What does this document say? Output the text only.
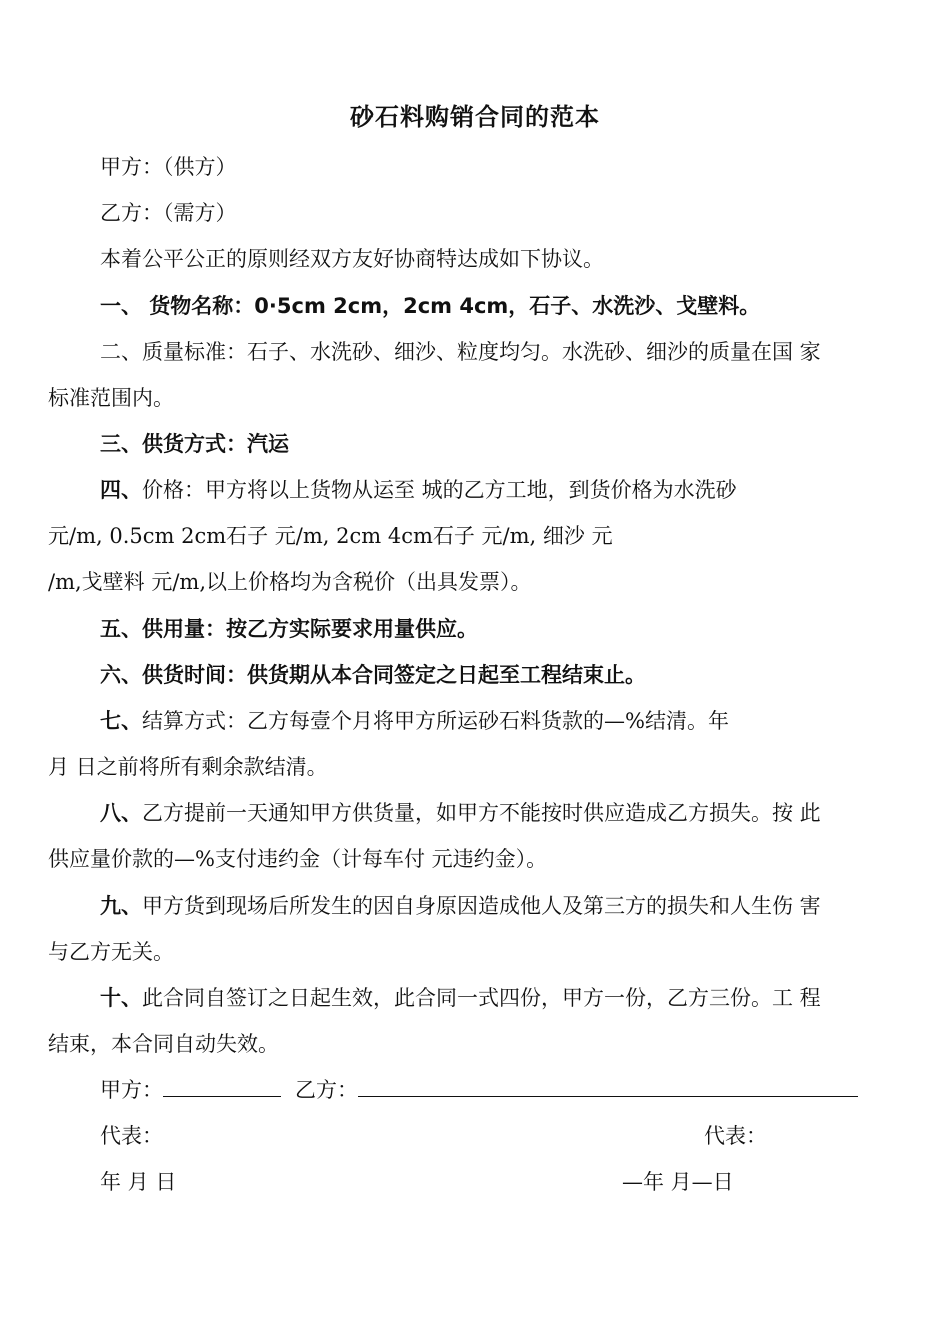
砂石料购销合同的范本
甲方：（供方）
乙方：（需方）
本着公平公正的原则经双方友好协商特达成如下协议。
一、 货物名称：0·5cm 2cm，2cm 4cm，石子、水洗沙、戈壁料。
二、质量标准：石子、水洗砂、细沙、粒度均匀。水洗砂、细沙的质量在国 家
标准范围内。
三、供货方式：汽运
四、价格：甲方将以上货物从运至 城的乙方工地，到货价格为水洗砂
元/m, 0.5cm 2cm石子 元/m, 2cm 4cm石子 元/m, 细沙 元
/m,戈壁料 元/m,以上价格均为含税价（出具发票）。
五、供用量：按乙方实际要求用量供应。
六、供货时间：供货期从本合同签定之日起至工程结束止。
七、结算方式：乙方每壹个月将甲方所运砂石料货款的—%结清。年
月 日之前将所有剩余款结清。
八、乙方提前一天通知甲方供货量，如甲方不能按时供应造成乙方损失。按 此
供应量价款的—%支付违约金（计每车付 元违约金）。
九、甲方货到现场后所发生的因自身原因造成他人及第三方的损失和人生伤 害
与乙方无关。
十、此合同自签订之日起生效，此合同一式四份，甲方一份，乙方三份。工 程
结束，本合同自动失效。
甲方：	乙方：
代表：	代表：
年 月 日	—年 月—日
